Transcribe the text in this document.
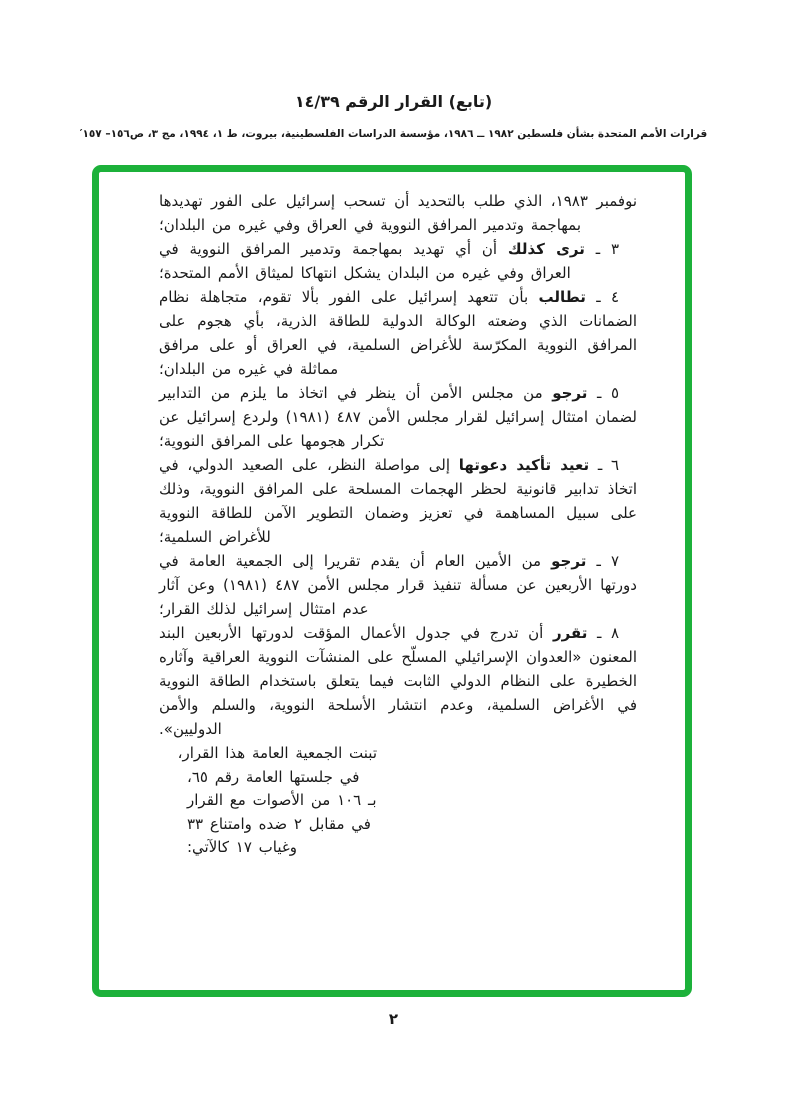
(تابع) القرار الرقم ١٤/٣٩
قرارات الأمم المتحدة بشأن فلسطين ١٩٨٢ ــ ١٩٨٦، مؤسسة الدراسات الفلسطينية، بيروت، ط ١، ١٩٩٤، مج ٣، ص١٥٦– ١٥٧′

نوفمبر ١٩٨٣، الذي طلب بالتحديد أن تسحب إسرائيل على الفور تهديدها بمهاجمة وتدمير المرافق النووية في العراق وفي غيره من البلدان؛

٣ ـ ترى كذلك أن أي تهديد بمهاجمة وتدمير المرافق النووية في العراق وفي غيره من البلدان يشكل انتهاكا لميثاق الأمم المتحدة؛

٤ ـ تطالب بأن تتعهد إسرائيل على الفور بألا تقوم، متجاهلة نظام الضمانات الذي وضعته الوكالة الدولية للطاقة الذرية، بأي هجوم على المرافق النووية المكرّسة للأغراض السلمية، في العراق أو على مرافق مماثلة في غيره من البلدان؛

٥ ـ ترجو من مجلس الأمن أن ينظر في اتخاذ ما يلزم من التدابير لضمان امتثال إسرائيل لقرار مجلس الأمن ٤٨٧ (١٩٨١) ولردع إسرائيل عن تكرار هجومها على المرافق النووية؛

٦ ـ تعيد تأكيد دعوتها إلى مواصلة النظر، على الصعيد الدولي، في اتخاذ تدابير قانونية لحظر الهجمات المسلحة على المرافق النووية، وذلك على سبيل المساهمة في تعزيز وضمان التطوير الآمن للطاقة النووية للأغراض السلمية؛

٧ ـ ترجو من الأمين العام أن يقدم تقريرا إلى الجمعية العامة في دورتها الأربعين عن مسألة تنفيذ قرار مجلس الأمن ٤٨٧ (١٩٨١) وعن آثار عدم امتثال إسرائيل لذلك القرار؛

٨ ـ تقرر أن تدرج في جدول الأعمال المؤقت لدورتها الأربعين البند المعنون «العدوان الإسرائيلي المسلّح على المنشآت النووية العراقية وآثاره الخطيرة على النظام الدولي الثابت فيما يتعلق باستخدام الطاقة النووية في الأغراض السلمية، وعدم انتشار الأسلحة النووية، والسلم والأمن الدوليين».

تبنت الجمعية العامة هذا القرار،
في جلستها العامة رقم ٦٥،
بـ ١٠٦ من الأصوات مع القرار
في مقابل ٢ ضده وامتناع ٣٣
وغياب ١٧ كالآتي:
٢
